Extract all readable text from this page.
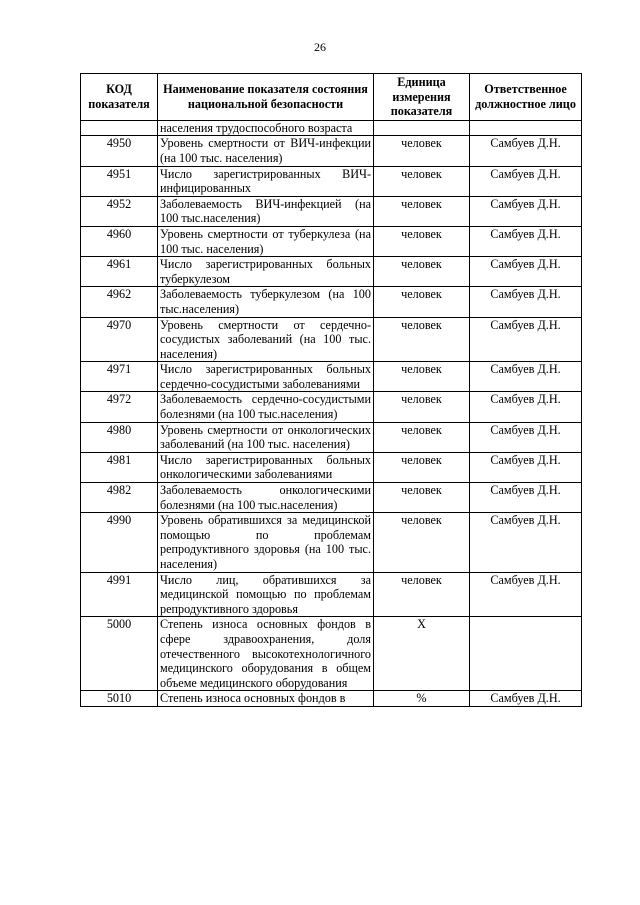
26
КОД показателя	Наименование показателя состояния национальной безопасности	Единица измерения показателя	Ответственное должностное лицо
	населения трудоспособного возраста		
4950	Уровень смертности от ВИЧ-инфекции (на 100 тыс. населения)	человек	Самбуев Д.Н.
4951	Число зарегистрированных ВИЧ-инфицированных	человек	Самбуев Д.Н.
4952	Заболеваемость ВИЧ-инфекцией (на 100 тыс.населения)	человек	Самбуев Д.Н.
4960	Уровень смертности от туберкулеза (на 100 тыс. населения)	человек	Самбуев Д.Н.
4961	Число зарегистрированных больных туберкулезом	человек	Самбуев Д.Н.
4962	Заболеваемость туберкулезом (на 100 тыс.населения)	человек	Самбуев Д.Н.
4970	Уровень смертности от сердечно-сосудистых заболеваний (на 100 тыс. населения)	человек	Самбуев Д.Н.
4971	Число зарегистрированных больных сердечно-сосудистыми заболеваниями	человек	Самбуев Д.Н.
4972	Заболеваемость сердечно-сосудистыми болезнями (на 100 тыс.населения)	человек	Самбуев Д.Н.
4980	Уровень смертности от онкологических заболеваний (на 100 тыс. населения)	человек	Самбуев Д.Н.
4981	Число зарегистрированных больных онкологическими заболеваниями	человек	Самбуев Д.Н.
4982	Заболеваемость онкологическими болезнями (на 100 тыс.населения)	человек	Самбуев Д.Н.
4990	Уровень обратившихся за медицинской помощью по проблемам репродуктивного здоровья (на 100 тыс. населения)	человек	Самбуев Д.Н.
4991	Число лиц, обратившихся за медицинской помощью по проблемам репродуктивного здоровья	человек	Самбуев Д.Н.
5000	Степень износа основных фондов в сфере здравоохранения, доля отечественного высокотехнологичного медицинского оборудования в общем объеме медицинского оборудования	X	
5010	Степень износа основных фондов в	%	Самбуев Д.Н.
